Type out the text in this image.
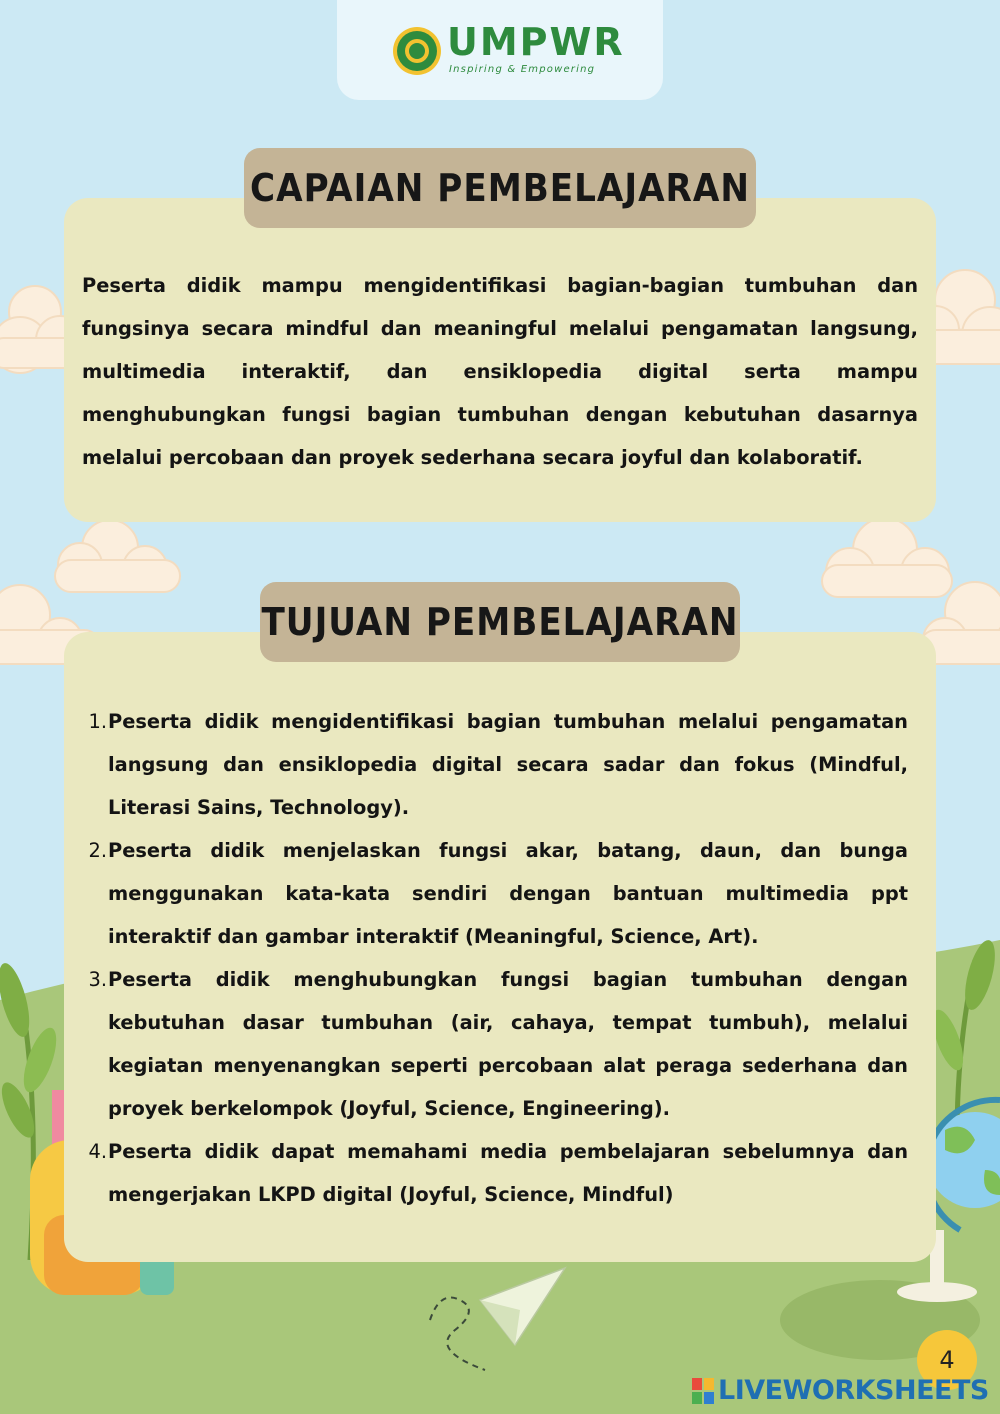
UMPWR
Inspiring & Empowering
CAPAIAN PEMBELAJARAN

Peserta didik mampu mengidentifikasi bagian-bagian tumbuhan dan fungsinya secara mindful dan meaningful melalui pengamatan langsung, multimedia interaktif, dan ensiklopedia digital serta mampu menghubungkan fungsi bagian tumbuhan dengan kebutuhan dasarnya melalui percobaan dan proyek sederhana secara joyful dan kolaboratif.

TUJUAN PEMBELAJARAN
1. Peserta didik mengidentifikasi bagian tumbuhan melalui pengamatan langsung dan ensiklopedia digital secara sadar dan fokus (Mindful, Literasi Sains, Technology).
2. Peserta didik menjelaskan fungsi akar, batang, daun, dan bunga menggunakan kata-kata sendiri dengan bantuan multimedia ppt interaktif dan gambar interaktif (Meaningful, Science, Art).
3. Peserta didik menghubungkan fungsi bagian tumbuhan dengan kebutuhan dasar tumbuhan (air, cahaya, tempat tumbuh), melalui kegiatan menyenangkan seperti percobaan alat peraga sederhana dan proyek berkelompok (Joyful, Science, Engineering).
4. Peserta didik dapat memahami media pembelajaran sebelumnya dan mengerjakan LKPD digital (Joyful, Science, Mindful)
4
LIVEWORKSHEETS
